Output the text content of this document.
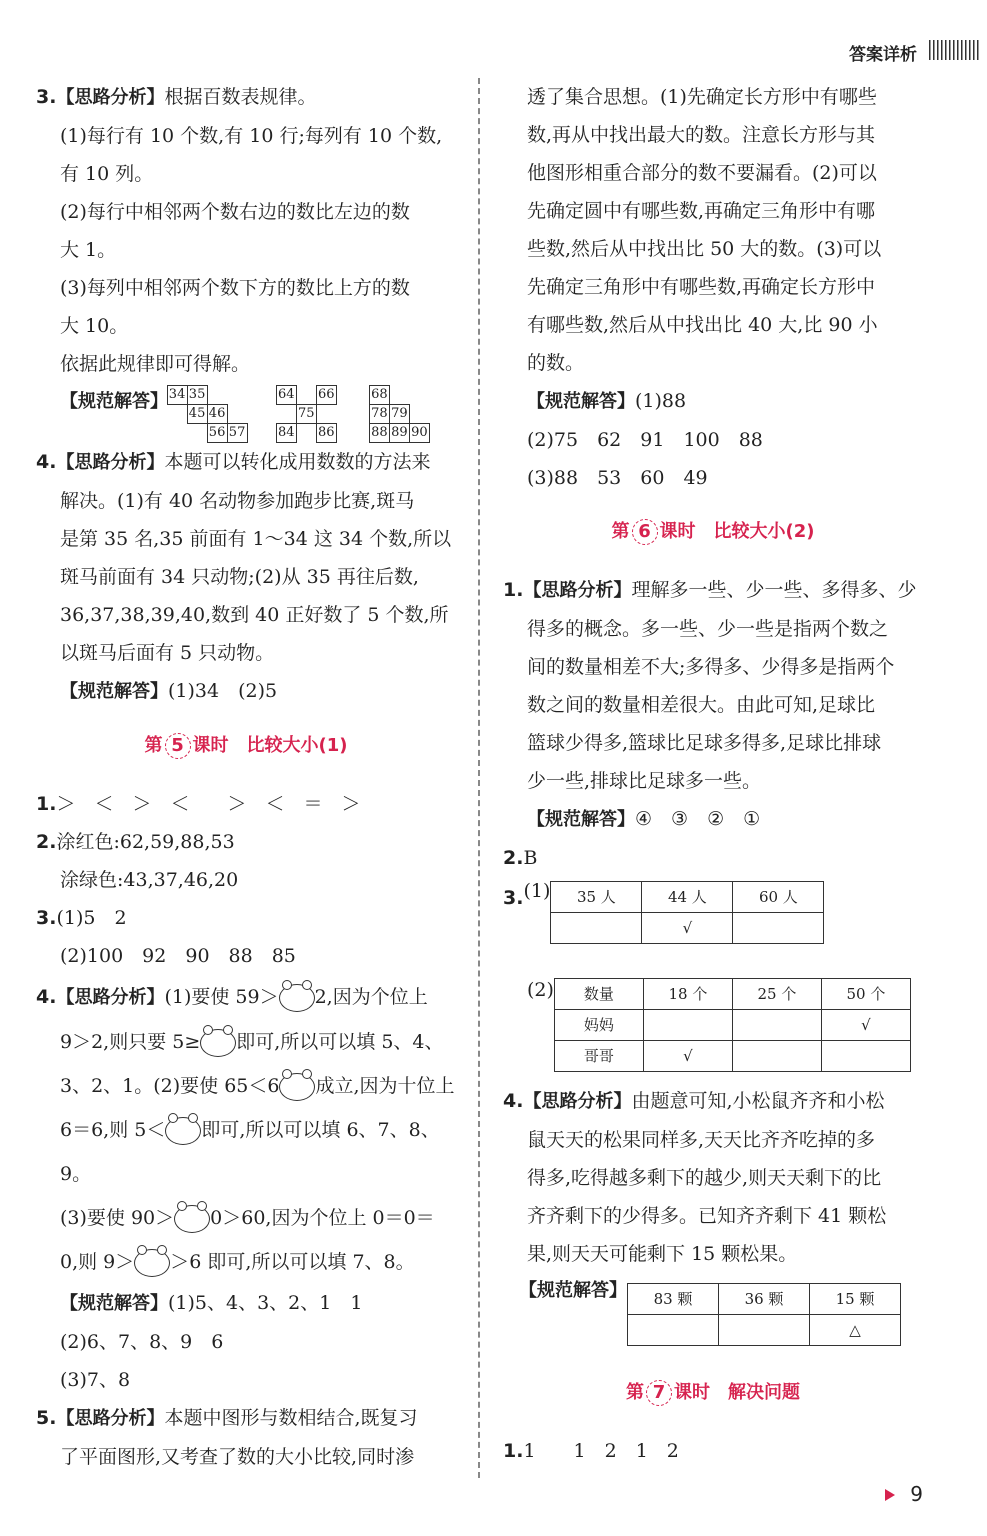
答案详析

3.【思路分析】根据百数表规律。

(1)每行有 10 个数,有 10 行;每列有 10 个数,

有 10 列。

(2)每行中相邻两个数右边的数比左边的数

大 1。

(3)每列中相邻两个数下方的数比上方的数

大 10。

依据此规律即可得解。

【规范解答】 34 35
45 46
56 57
64 66
75
84 86
68
78 79
88 89 90

4.【思路分析】本题可以转化成用数数的方法来

解决。(1)有 40 名动物参加跑步比赛,斑马

是第 35 名,35 前面有 1～34 这 34 个数,所以

斑马前面有 34 只动物;(2)从 35 再往后数,

36,37,38,39,40,数到 40 正好数了 5 个数,所

以斑马后面有 5 只动物。

【规范解答】(1)34　(2)5

第 5 课时　比较大小(1)

1.＞　＜　＞　＜　　＞　＜　＝　＞

2.涂红色:62,59,88,53

涂绿色:43,37,46,20

3.(1)5　2

(2)100　92　90　88　85

4.【思路分析】(1)要使 59＞ 2,因为个位上

9＞2,则只要 5≥ 即可,所以可以填 5、4、

3、2、1。(2)要使 65＜6 成立,因为十位上

6＝6,则 5＜ 即可,所以可以填 6、7、8、9。

(3)要使 90＞ 0＞60,因为个位上 0＝0＝

0,则 9＞ ＞6 即可,所以可以填 7、8。

【规范解答】(1)5、4、3、2、1　1

(2)6、7、8、9　6

(3)7、8

5.【思路分析】本题中图形与数相结合,既复习

了平面图形,又考查了数的大小比较,同时渗

透了集合思想。(1)先确定长方形中有哪些

数,再从中找出最大的数。注意长方形与其

他图形相重合部分的数不要漏看。(2)可以

先确定圆中有哪些数,再确定三角形中有哪

些数,然后从中找出比 50 大的数。(3)可以

先确定三角形中有哪些数,再确定长方形中

有哪些数,然后从中找出比 40 大,比 90 小

的数。

【规范解答】(1)88

(2)75　62　91　100　88

(3)88　53　60　49

第 6 课时　比较大小(2)

1.【思路分析】理解多一些、少一些、多得多、少

得多的概念。多一些、少一些是指两个数之

间的数量相差不大;多得多、少得多是指两个

数之间的数量相差很大。由此可知,足球比

篮球少得多,篮球比足球多得多,足球比排球

少一些,排球比足球多一些。

【规范解答】④　③　②　①

2.B

3. (1) 35 人	44 人	60 人
	√	
(2) 数量	18 个	25 个	50 个
妈妈			√
哥哥	√		

4.【思路分析】由题意可知,小松鼠齐齐和小松

鼠天天的松果同样多,天天比齐齐吃掉的多

得多,吃得越多剩下的越少,则天天剩下的比

齐齐剩下的少得多。已知齐齐剩下 41 颗松

果,则天天可能剩下 15 颗松果。

【规范解答】 83 颗	36 颗	15 颗
		△
第 7 课时　解决问题

1.1　　1　2　1　2

9
